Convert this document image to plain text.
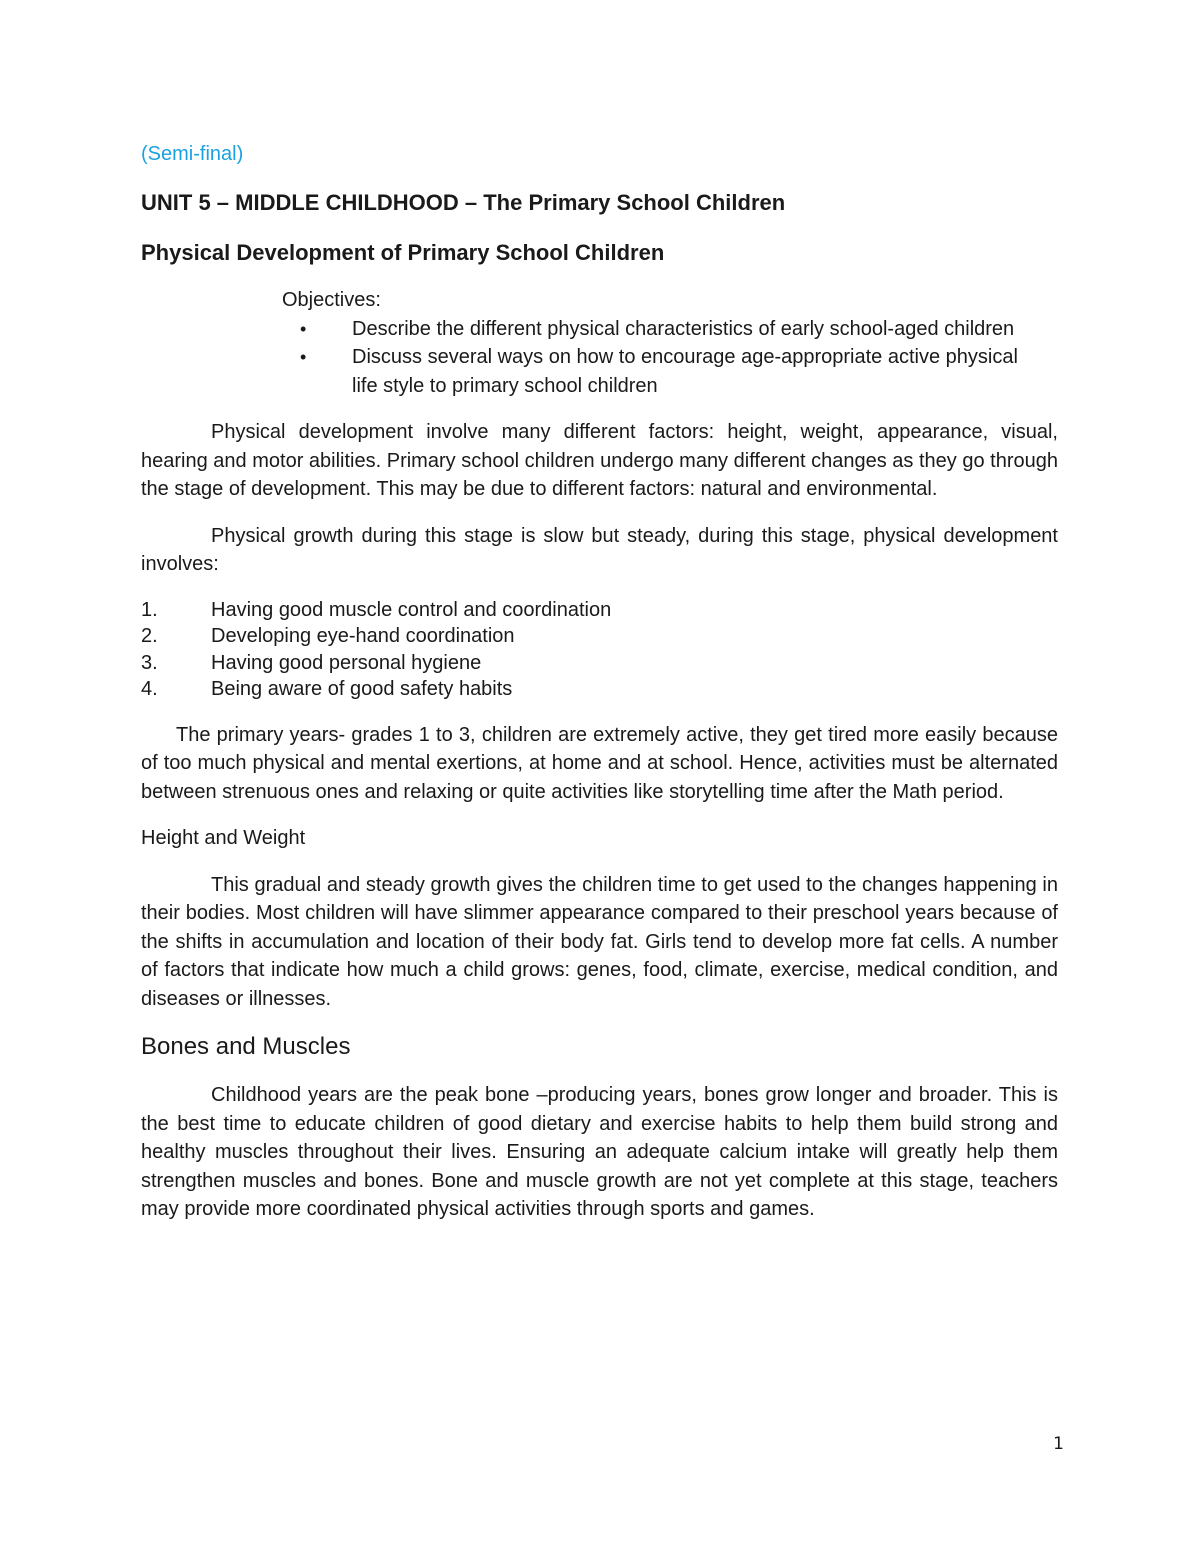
(Semi-final)
UNIT 5 – MIDDLE CHILDHOOD – The Primary School Children
Physical Development of Primary School Children
Objectives:
• Describe the different physical characteristics of early school-aged children
• Discuss several ways on how to encourage age-appropriate active physical    life style to primary school children

Physical development involve many different factors: height, weight, appearance, visual, hearing and motor abilities. Primary school children undergo many different changes as they go through the stage of development. This may be due to different factors: natural and environmental.

Physical growth during this stage is slow but steady, during this stage, physical development involves:

1.	Having good muscle control and coordination
2.	Developing eye-hand coordination
3.	Having good personal hygiene
4.	Being aware of good safety habits

The primary years- grades 1 to 3, children are extremely active, they get tired more easily because of too much physical and mental exertions, at home and at school. Hence, activities must be alternated between strenuous ones and relaxing or quite activities like storytelling time after the Math period.

Height and Weight

This gradual and steady growth gives the children time to get used to the changes happening in their bodies. Most children will have slimmer appearance compared to their preschool years because of the shifts in accumulation and location of their body fat. Girls tend to develop more fat cells. A number of factors that indicate how much a child grows: genes, food, climate, exercise, medical condition, and diseases or illnesses.

Bones and Muscles

Childhood years are the peak bone –producing years, bones grow longer and broader. This is the best time to educate children of good dietary and exercise habits to help them build strong and healthy muscles throughout their lives. Ensuring an adequate calcium intake will greatly help them strengthen muscles and bones. Bone and muscle growth are not yet complete at this stage, teachers may provide more coordinated physical activities through sports and games.

1
